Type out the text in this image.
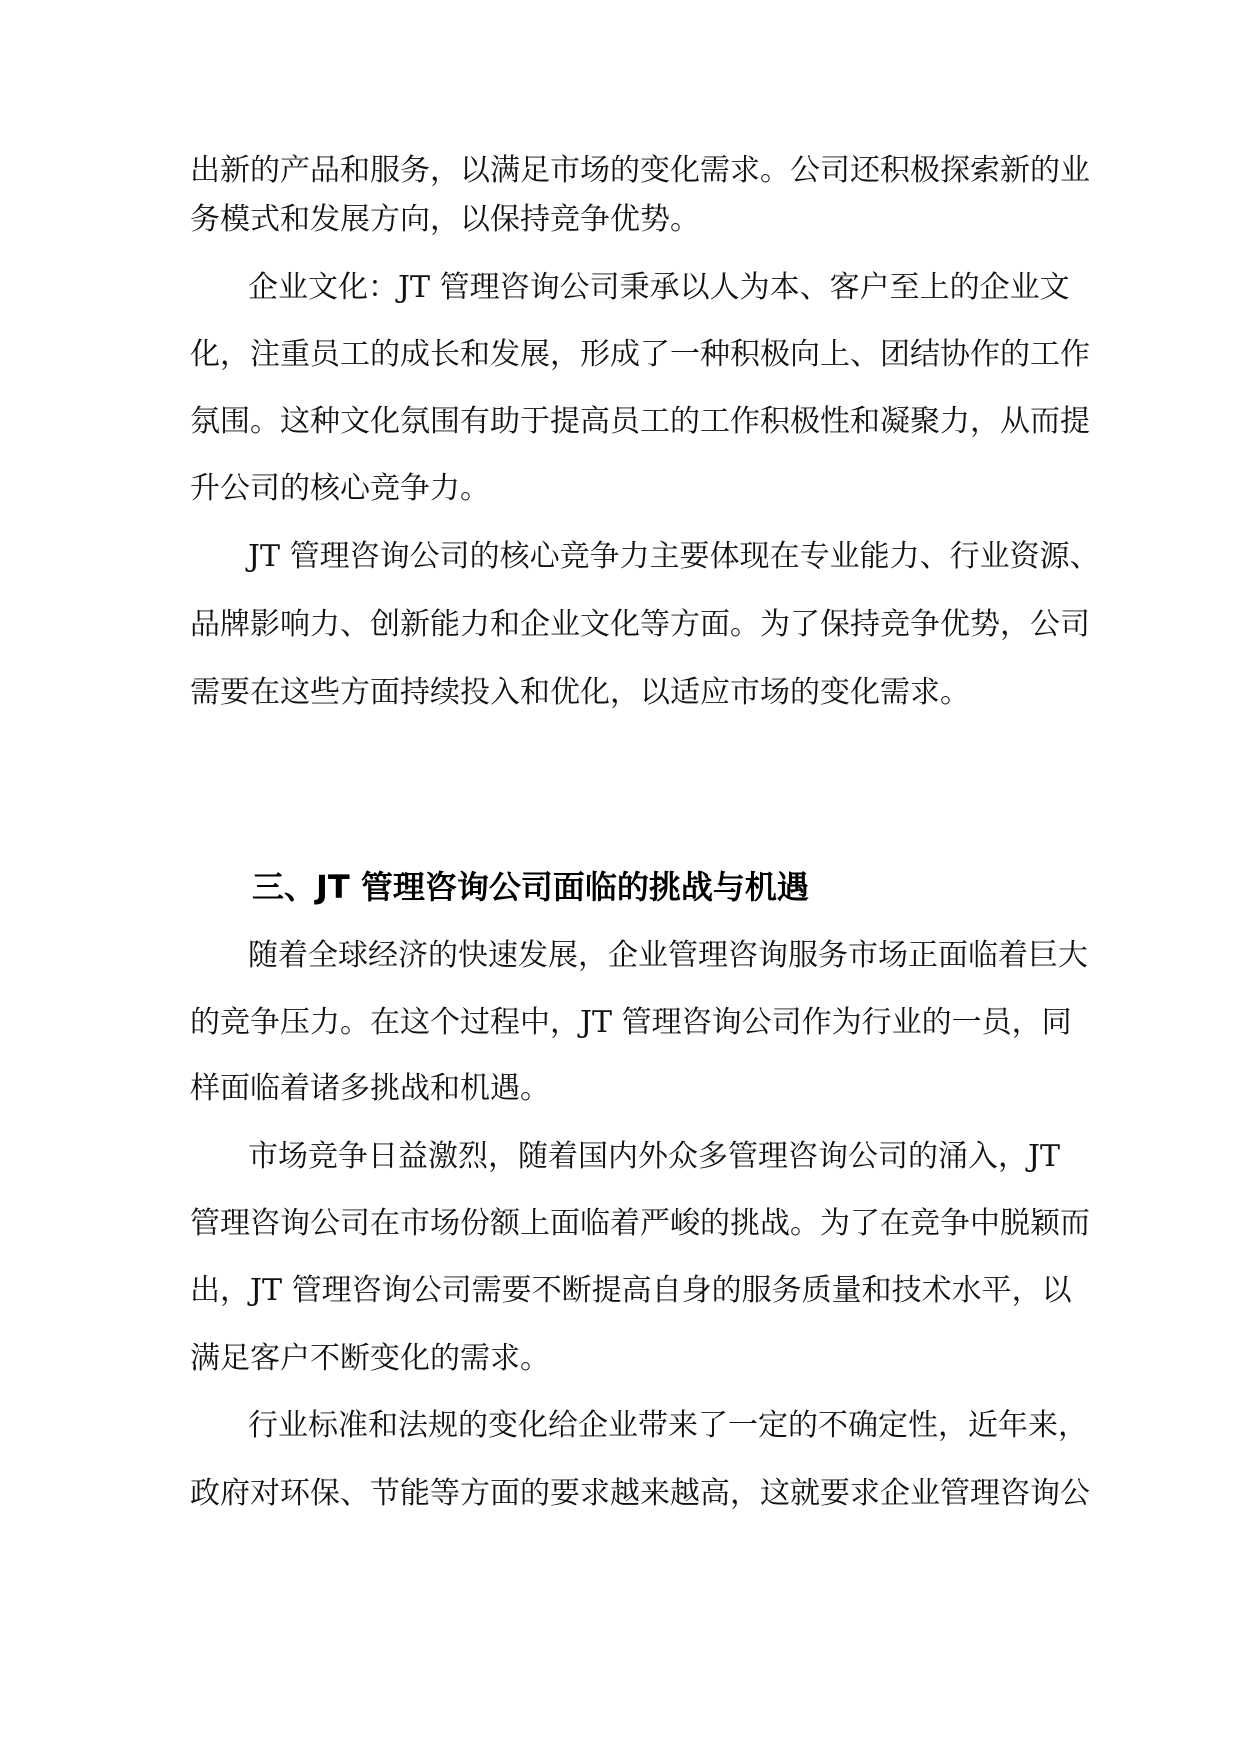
出新的产品和服务，以满足市场的变化需求。公司还积极探索新的业
务模式和发展方向，以保持竞争优势。
企业文化：JT 管理咨询公司秉承以人为本、客户至上的企业文
化，注重员工的成长和发展，形成了一种积极向上、团结协作的工作
氛围。这种文化氛围有助于提高员工的工作积极性和凝聚力，从而提
升公司的核心竞争力。
JT 管理咨询公司的核心竞争力主要体现在专业能力、行业资源、
品牌影响力、创新能力和企业文化等方面。为了保持竞争优势，公司
需要在这些方面持续投入和优化，以适应市场的变化需求。
三、JT 管理咨询公司面临的挑战与机遇
随着全球经济的快速发展，企业管理咨询服务市场正面临着巨大
的竞争压力。在这个过程中，JT 管理咨询公司作为行业的一员，同
样面临着诸多挑战和机遇。
市场竞争日益激烈，随着国内外众多管理咨询公司的涌入，JT
管理咨询公司在市场份额上面临着严峻的挑战。为了在竞争中脱颖而
出，JT 管理咨询公司需要不断提高自身的服务质量和技术水平，以
满足客户不断变化的需求。
行业标准和法规的变化给企业带来了一定的不确定性，近年来，
政府对环保、节能等方面的要求越来越高，这就要求企业管理咨询公
